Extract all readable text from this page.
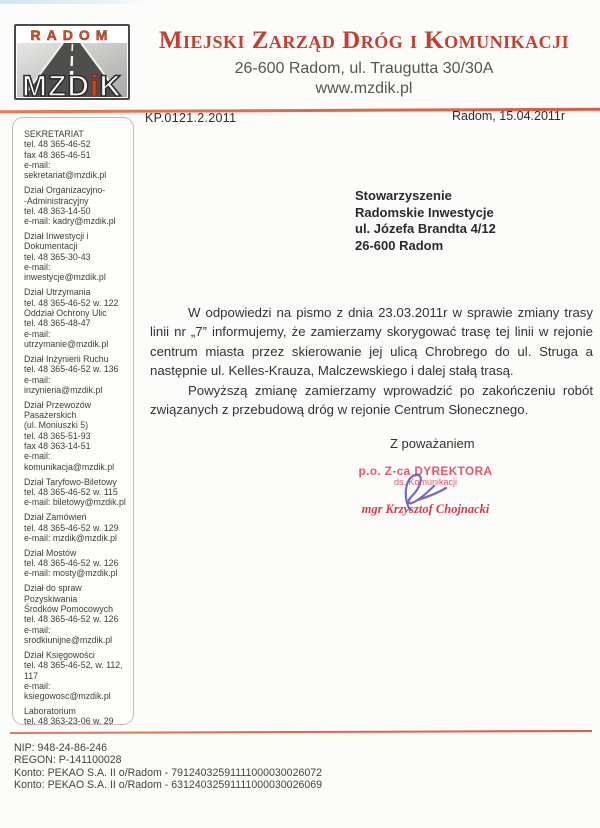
RADOM
MZDiK
Miejski Zarząd Dróg i Komunikacji
26-600 Radom, ul. Traugutta 30/30A
www.mzdik.pl
KP.0121.2.2011	Radom, 15.04.2011r
SEKRETARIAT
tel. 48 365-46-52
fax 48 365-46-51
e-mail: sekretariat@mzdik.pl
Dział Organizacyjno-
-Administracyjny
tel. 48 363-14-50
e-mail: kadry@mzdik.pl
Dział Inwestycji i Dokumentacji
tel. 48 365-30-43
e-mail: inwestycje@mzdik.pl
Dział Utrzymania
tel. 48 365-46-52 w. 122
Oddział Ochrony Ulic
tel. 48 365-48-47
e-mail: utrzymanie@mzdik.pl
Dział Inżynierii Ruchu
tel. 48 365-46-52 w. 136
e-mail: inzynieria@mzdik.pl
Dział Przewozów Pasażerskich
(ul. Moniuszki 5)
tel. 48 365-51-93
fax 48 363-14-51
e-mail: komunikacja@mzdik.pl
Dział Taryfowo-Biletowy
tel. 48 365-46-52 w. 115
e-mail: biletowy@mzdik.pl
Dział Zamówień
tel. 48 365-46-52 w. 129
e-mail: mzdik@mzdik.pl
Dział Mostów
tel. 48 365-46-52 w. 126
e-mail: mosty@mzdik.pl
Dział do spraw Pozyskiwania
Środków Pomocowych
tel. 48 365-46-52 w. 126
e-mail: srodkiunijne@mzdik.pl
Dział Księgowości
tel. 48 365-46-52, w. 112, 117
e-mail: ksiegowosc@mzdik.pl
Laboratorium
tel. 48 363-23-06 w. 29
Stowarzyszenie
Radomskie Inwestycje
ul. Józefa Brandta 4/12
26-600 Radom

W odpowiedzi na pismo z dnia 23.03.2011r w sprawie zmiany trasy linii nr „7” informujemy, że zamierzamy skorygować trasę tej linii w rejonie centrum miasta przez skierowanie jej ulicą Chrobrego do ul. Struga a następnie ul. Kelles-Krauza, Malczewskiego i dalej stałą trasą.

Powyższą zmianę zamierzamy wprowadzić po zakończeniu robót związanych z przebudową dróg w rejonie Centrum Słonecznego.

Z poważaniem
p.o. Z-ca DYREKTORA
ds. Komunikacji
mgr Krzysztof Chojnacki
NIP: 948-24-86-246
REGON: P-141100028
Konto: PEKAO S.A. II o/Radom - 79124032591111000030026072
Konto: PEKAO S.A. II o/Radom - 63124032591111000030026069
